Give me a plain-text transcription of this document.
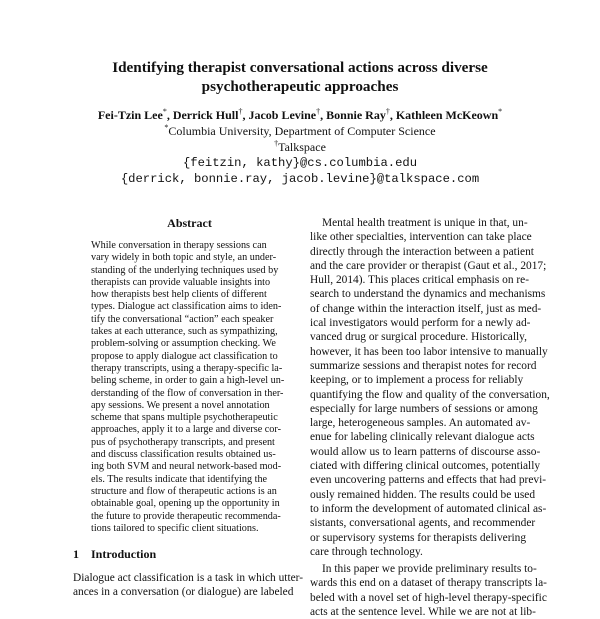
Identifying therapist conversational actions across diverse
psychotherapeutic approaches
Fei-Tzin Lee*, Derrick Hull†, Jacob Levine†, Bonnie Ray†, Kathleen McKeown*
*Columbia University, Department of Computer Science
†Talkspace
{feitzin, kathy}@cs.columbia.edu
{derrick, bonnie.ray, jacob.levine}@talkspace.com
Abstract
While conversation in therapy sessions can
vary widely in both topic and style, an under-
standing of the underlying techniques used by
therapists can provide valuable insights into
how therapists best help clients of different
types. Dialogue act classification aims to iden-
tify the conversational “action” each speaker
takes at each utterance, such as sympathizing,
problem-solving or assumption checking. We
propose to apply dialogue act classification to
therapy transcripts, using a therapy-specific la-
beling scheme, in order to gain a high-level un-
derstanding of the flow of conversation in ther-
apy sessions. We present a novel annotation
scheme that spans multiple psychotherapeutic
approaches, apply it to a large and diverse cor-
pus of psychotherapy transcripts, and present
and discuss classification results obtained us-
ing both SVM and neural network-based mod-
els. The results indicate that identifying the
structure and flow of therapeutic actions is an
obtainable goal, opening up the opportunity in
the future to provide therapeutic recommenda-
tions tailored to specific client situations.
1 Introduction
Dialogue act classification is a task in which utter-
ances in a conversation (or dialogue) are labeled
Mental health treatment is unique in that, un-
like other specialties, intervention can take place
directly through the interaction between a patient
and the care provider or therapist (Gaut et al., 2017;
Hull, 2014). This places critical emphasis on re-
search to understand the dynamics and mechanisms
of change within the interaction itself, just as med-
ical investigators would perform for a newly ad-
vanced drug or surgical procedure. Historically,
however, it has been too labor intensive to manually
summarize sessions and therapist notes for record
keeping, or to implement a process for reliably
quantifying the flow and quality of the conversation,
especially for large numbers of sessions or among
large, heterogeneous samples. An automated av-
enue for labeling clinically relevant dialogue acts
would allow us to learn patterns of discourse asso-
ciated with differing clinical outcomes, potentially
even uncovering patterns and effects that had previ-
ously remained hidden. The results could be used
to inform the development of automated clinical as-
sistants, conversational agents, and recommender
or supervisory systems for therapists delivering
care through technology.
In this paper we provide preliminary results to-
wards this end on a dataset of therapy transcripts la-
beled with a novel set of high-level therapy-specific
acts at the sentence level. While we are not at lib-
